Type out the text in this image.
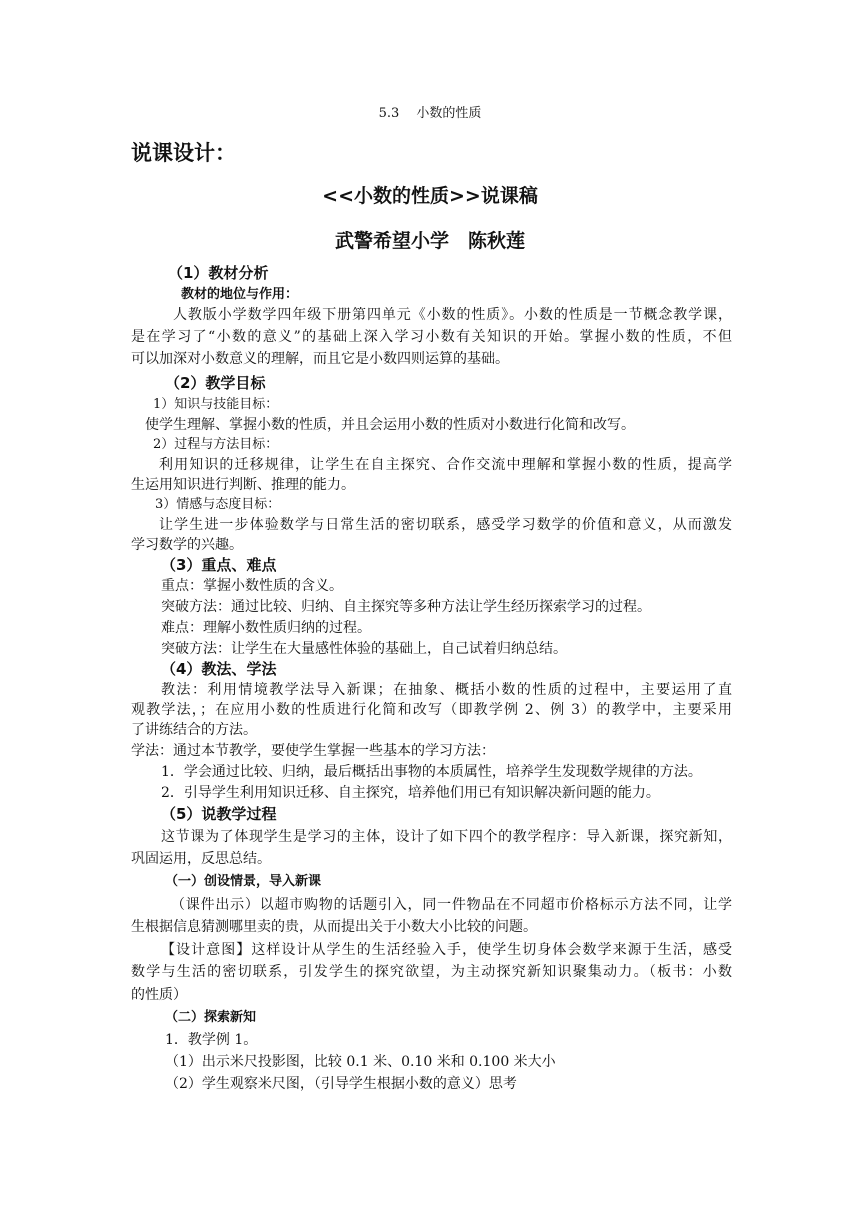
5.3　 小数的性质
说课设计：
<<小数的性质>>说课稿
武警希望小学　陈秋莲
（1）教材分析
教材的地位与作用：
人教版小学数学四年级下册第四单元《小数的性质》。小数的性质是一节概念教学课，
是在学习了“小数的意义”的基础上深入学习小数有关知识的开始。掌握小数的性质，不但
可以加深对小数意义的理解，而且它是小数四则运算的基础。
（2）教学目标
1）知识与技能目标：
使学生理解、掌握小数的性质，并且会运用小数的性质对小数进行化简和改写。
2）过程与方法目标：
利用知识的迁移规律，让学生在自主探究、合作交流中理解和掌握小数的性质，提高学
生运用知识进行判断、推理的能力。
3）情感与态度目标：
让学生进一步体验数学与日常生活的密切联系，感受学习数学的价值和意义，从而激发
学习数学的兴趣。
（3）重点、难点
重点：掌握小数性质的含义。
突破方法：通过比较、归纳、自主探究等多种方法让学生经历探索学习的过程。
难点：理解小数性质归纳的过程。
突破方法：让学生在大量感性体验的基础上，自己试着归纳总结。
（4）教法、学法
教法：利用情境教学法导入新课；在抽象、概括小数的性质的过程中，主要运用了直
观教学法，；在应用小数的性质进行化简和改写（即教学例 2、例 3）的教学中，主要采用
了讲练结合的方法。
学法：通过本节教学，要使学生掌握一些基本的学习方法：
1．学会通过比较、归纳，最后概括出事物的本质属性，培养学生发现数学规律的方法。
2．引导学生利用知识迁移、自主探究，培养他们用已有知识解决新问题的能力。
（5）说教学过程
这节课为了体现学生是学习的主体，设计了如下四个的教学程序：导入新课，探究新知，
巩固运用，反思总结。
（一）创设情景，导入新课
（课件出示）以超市购物的话题引入，同一件物品在不同超市价格标示方法不同，让学
生根据信息猜测哪里卖的贵，从而提出关于小数大小比较的问题。
【设计意图】这样设计从学生的生活经验入手，使学生切身体会数学来源于生活，感受
数学与生活的密切联系，引发学生的探究欲望，为主动探究新知识聚集动力。（板书：小数
的性质）
（二）探索新知
1．教学例 1。
（1）出示米尺投影图，比较 0.1 米、0.10 米和 0.100 米大小
（2）学生观察米尺图，（引导学生根据小数的意义）思考
